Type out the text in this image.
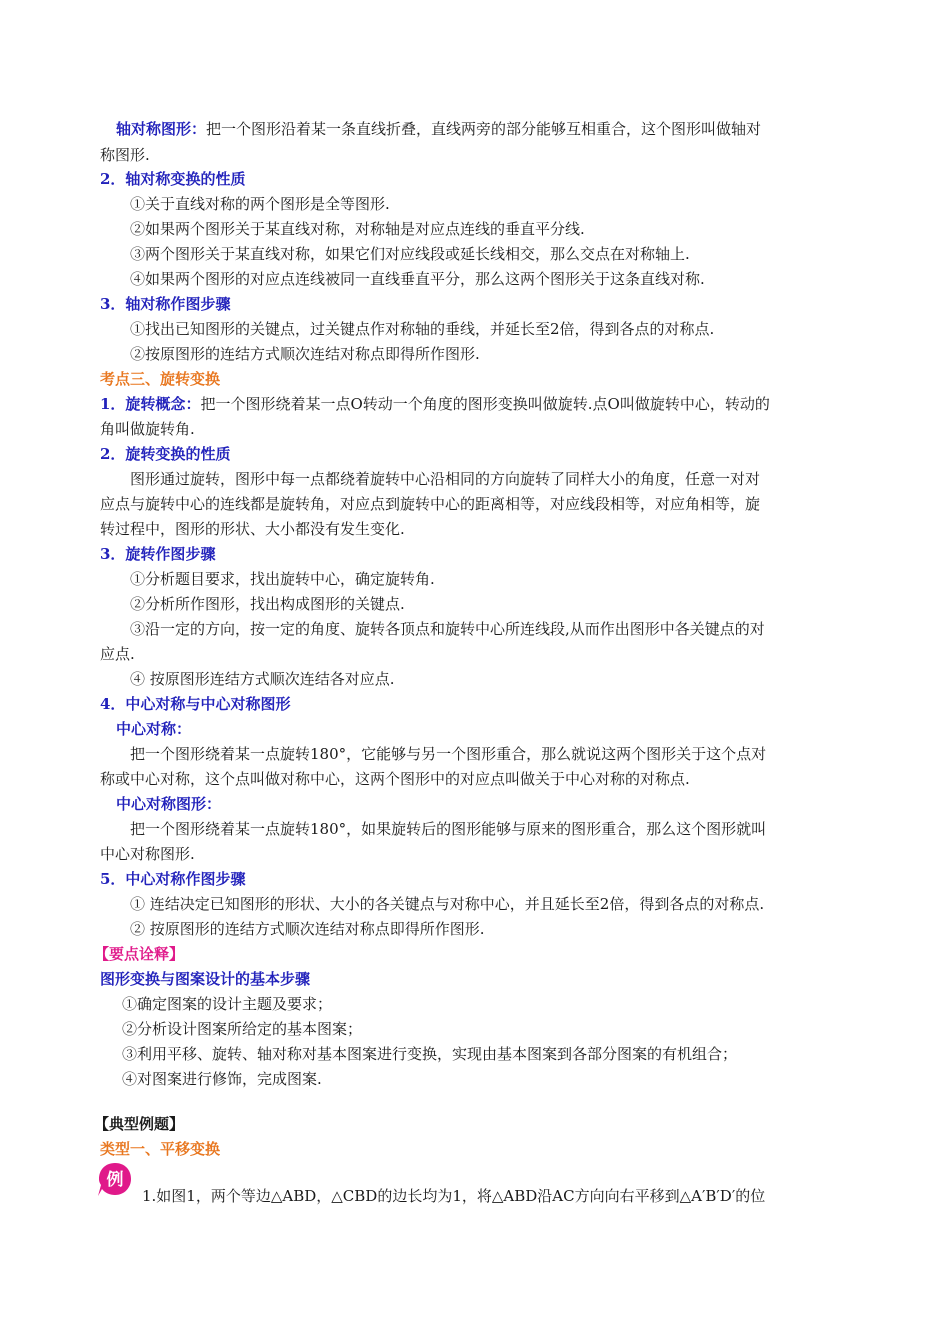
轴对称图形：把一个图形沿着某一条直线折叠，直线两旁的部分能够互相重合，这个图形叫做轴对
称图形.
2．轴对称变换的性质
①关于直线对称的两个图形是全等图形.
②如果两个图形关于某直线对称，对称轴是对应点连线的垂直平分线.
③两个图形关于某直线对称，如果它们对应线段或延长线相交，那么交点在对称轴上.
④如果两个图形的对应点连线被同一直线垂直平分，那么这两个图形关于这条直线对称.
3．轴对称作图步骤
①找出已知图形的关键点，过关键点作对称轴的垂线，并延长至2倍，得到各点的对称点.
②按原图形的连结方式顺次连结对称点即得所作图形.
考点三、旋转变换
1．旋转概念：把一个图形绕着某一点O转动一个角度的图形变换叫做旋转.点O叫做旋转中心，转动的
角叫做旋转角.
2．旋转变换的性质
图形通过旋转，图形中每一点都绕着旋转中心沿相同的方向旋转了同样大小的角度，任意一对对
应点与旋转中心的连线都是旋转角，对应点到旋转中心的距离相等，对应线段相等，对应角相等，旋
转过程中，图形的形状、大小都没有发生变化.
3．旋转作图步骤
①分析题目要求，找出旋转中心，确定旋转角.
②分析所作图形，找出构成图形的关键点.
③沿一定的方向，按一定的角度、旋转各顶点和旋转中心所连线段,从而作出图形中各关键点的对
应点.
④ 按原图形连结方式顺次连结各对应点.
4．中心对称与中心对称图形
中心对称：
把一个图形绕着某一点旋转180°，它能够与另一个图形重合，那么就说这两个图形关于这个点对
称或中心对称，这个点叫做对称中心，这两个图形中的对应点叫做关于中心对称的对称点.
中心对称图形：
把一个图形绕着某一点旋转180°，如果旋转后的图形能够与原来的图形重合，那么这个图形就叫
中心对称图形.
5．中心对称作图步骤
① 连结决定已知图形的形状、大小的各关键点与对称中心，并且延长至2倍，得到各点的对称点.
② 按原图形的连结方式顺次连结对称点即得所作图形.
【要点诠释】
图形变换与图案设计的基本步骤
①确定图案的设计主题及要求；
②分析设计图案所给定的基本图案；
③利用平移、旋转、轴对称对基本图案进行变换，实现由基本图案到各部分图案的有机组合；
④对图案进行修饰，完成图案.
【典型例题】
类型一、平移变换
例
1.如图1，两个等边△ABD，△CBD的边长均为1，将△ABD沿AC方向向右平移到△A′B′D′的位
